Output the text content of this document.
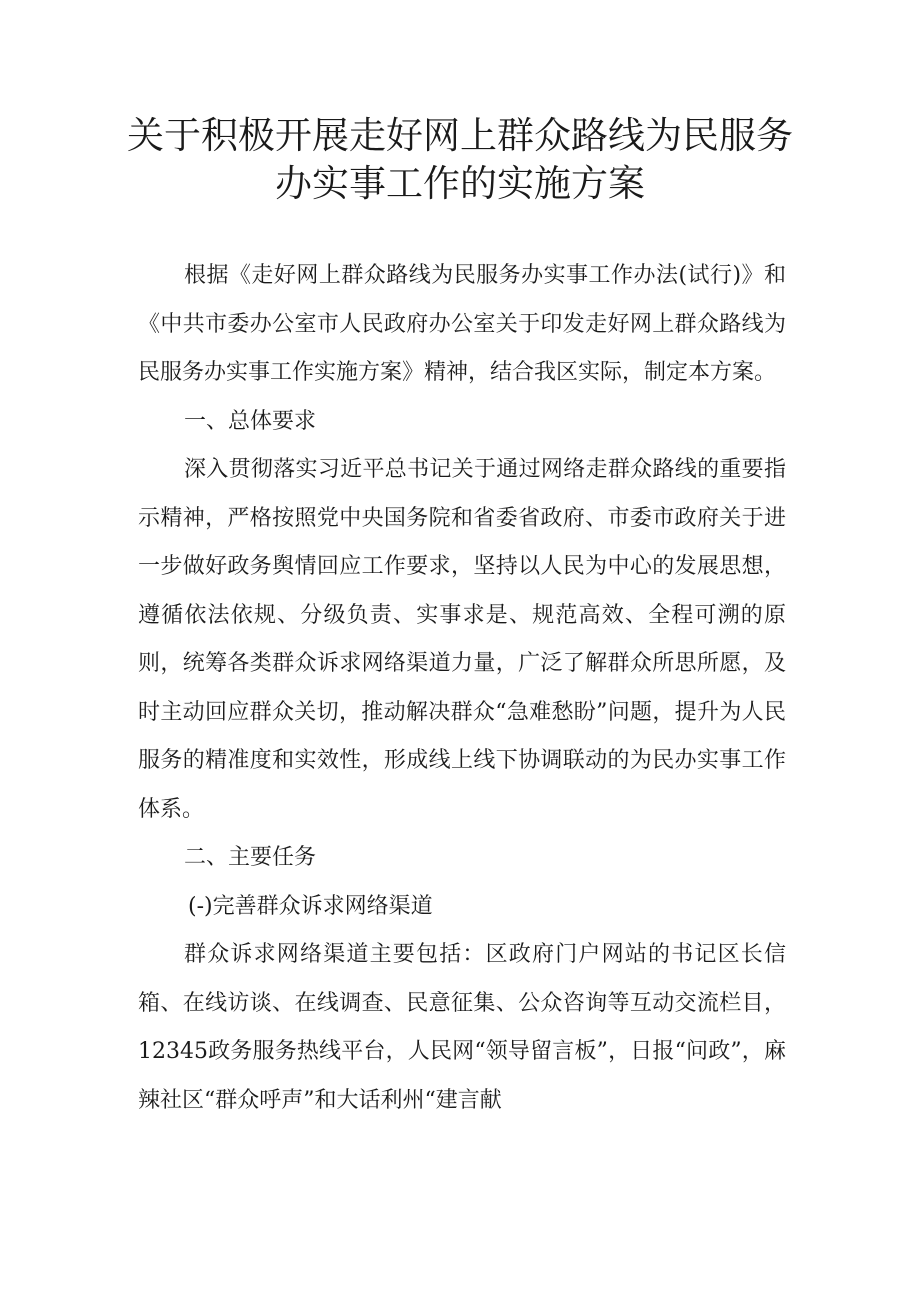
关于积极开展走好网上群众路线为民服务
办实事工作的实施方案

根据《走好网上群众路线为民服务办实事工作办法(试行)》和《中共市委办公室市人民政府办公室关于印发走好网上群众路线为民服务办实事工作实施方案》精神，结合我区实际，制定本方案。

一、总体要求

深入贯彻落实习近平总书记关于通过网络走群众路线的重要指示精神，严格按照党中央国务院和省委省政府、市委市政府关于进一步做好政务舆情回应工作要求，坚持以人民为中心的发展思想，遵循依法依规、分级负责、实事求是、规范高效、全程可溯的原则，统筹各类群众诉求网络渠道力量，广泛了解群众所思所愿，及时主动回应群众关切，推动解决群众“急难愁盼”问题，提升为人民服务的精准度和实效性，形成线上线下协调联动的为民办实事工作体系。

二、主要任务

(-)完善群众诉求网络渠道

群众诉求网络渠道主要包括：区政府门户网站的书记区长信箱、在线访谈、在线调查、民意征集、公众咨询等互动交流栏目，12345政务服务热线平台，人民网“领导留言板”，日报“问政”，麻辣社区“群众呼声”和大话利州“建言献
